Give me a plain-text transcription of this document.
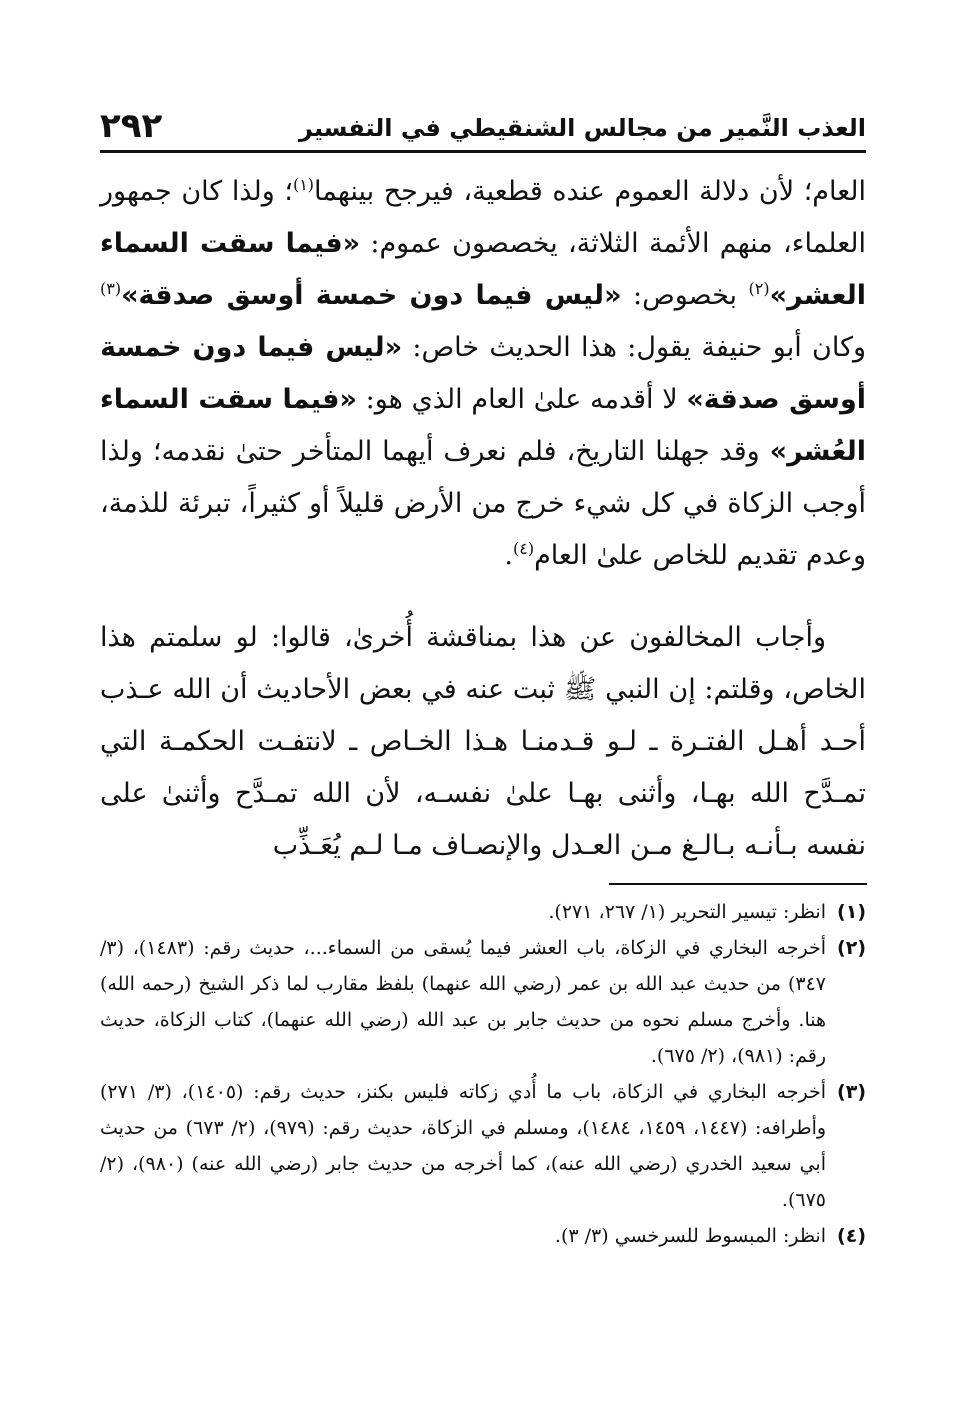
العذب النَّمير من مجالس الشنقيطي في التفسير
٢٩٢

العام؛ لأن دلالة العموم عنده قطعية، فيرجح بينهما$^{(١)}$؛ ولذا كان جمهور العلماء، منهم الأئمة الثلاثة، يخصصون عموم: «فيما سقت السماء العشر»$^{(٢)}$ بخصوص: «ليس فيما دون خمسة أوسق صدقة»$^{(٣)}$ وكان أبو حنيفة يقول: هذا الحديث خاص: «ليس فيما دون خمسة أوسق صدقة» لا أقدمه علىٰ العام الذي هو: «فيما سقت السماء العُشر» وقد جهلنا التاريخ، فلم نعرف أيهما المتأخر حتىٰ نقدمه؛ ولذا أوجب الزكاة في كل شيء خرج من الأرض قليلاً أو كثيراً، تبرئة للذمة، وعدم تقديم للخاص علىٰ العام$^{(٤)}$.

وأجاب المخالفون عن هذا بمناقشة أُخرىٰ، قالوا: لو سلمتم هذا الخاص، وقلتم: إن النبي ﷺ ثبت عنه في بعض الأحاديث أن الله عـذب أحـد أهـل الفتـرة ـ لـو قـدمنـا هـذا الخـاص ـ لانتفـت الحكمـة التي تمـدَّح الله بهـا، وأثنى بهـا علىٰ نفسـه، لأن الله تمـدَّح وأثنىٰ على نفسه بـأنـه بـالـغ مـن العـدل والإنصـاف مـا لـم يُعَـذِّب

(١)
انظر: تيسير التحرير (١/ ٢٦٧، ٢٧١).
(٢)
أخرجه البخاري في الزكاة، باب العشر فيما يُسقى من السماء...، حديث رقم: (١٤٨٣)، (٣/ ٣٤٧) من حديث عبد الله بن عمر (رضي الله عنهما) بلفظ مقارب لما ذكر الشيخ (رحمه الله) هنا. وأخرج مسلم نحوه من حديث جابر بن عبد الله (رضي الله عنهما)، كتاب الزكاة، حديث رقم: (٩٨١)، (٢/ ٦٧٥).
(٣)
أخرجه البخاري في الزكاة، باب ما أُدي زكاته فليس بكنز، حديث رقم: (١٤٠٥)، (٣/ ٢٧١) وأطرافه: (١٤٤٧، ١٤٥٩، ١٤٨٤)، ومسلم في الزكاة، حديث رقم: (٩٧٩)، (٢/ ٦٧٣) من حديث أبي سعيد الخدري (رضي الله عنه)، كما أخرجه من حديث جابر (رضي الله عنه) (٩٨٠)، (٢/ ٦٧٥).
(٤)
انظر: المبسوط للسرخسي (٣/ ٣).
